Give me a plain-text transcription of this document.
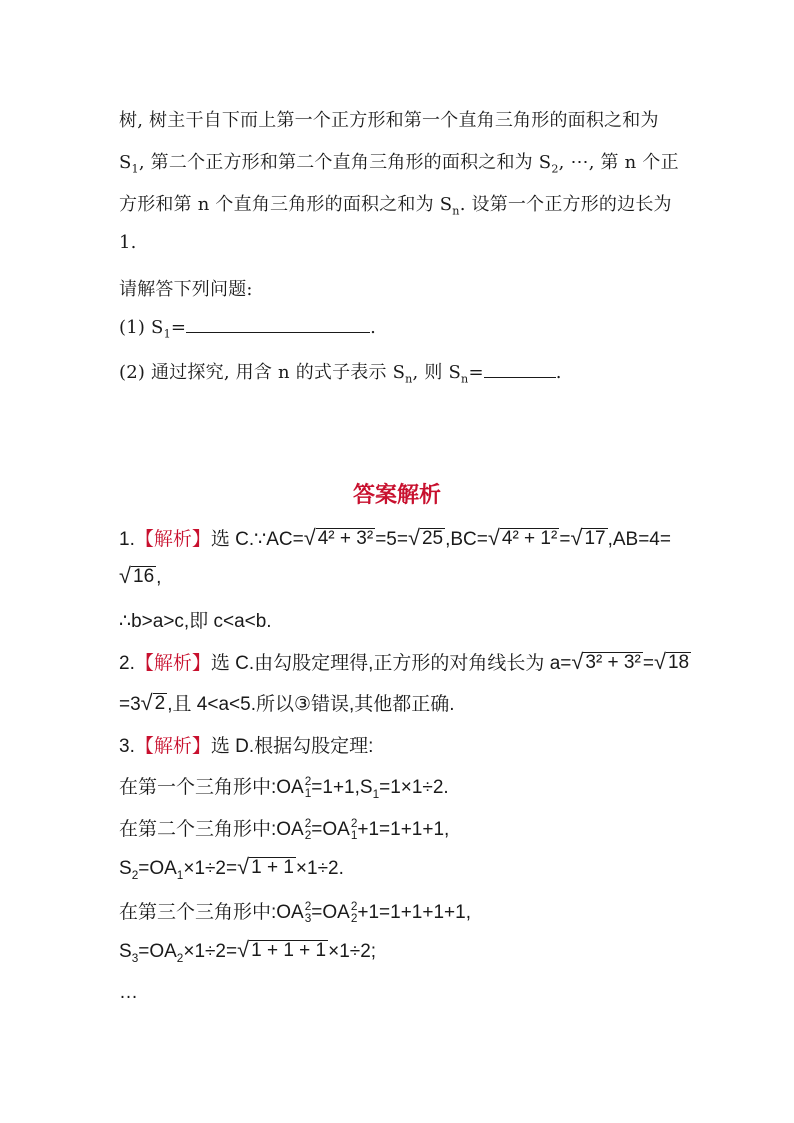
树, 树主干自下而上第一个正方形和第一个直角三角形的面积之和为
$S_1$, 第二个正方形和第二个直角三角形的面积之和为 $S_2$, ⋯, 第 n 个正
方形和第 n 个直角三角形的面积之和为 $S_n$. 设第一个正方形的边长为
1.
请解答下列问题:
(1) $S_1=$	.
(2) 通过探究, 用含 n 的式子表示 $S_n$, 则 $S_n=$	.
答案解析
1.【解析】选 C.∵AC= √ 4² + 3² =5= √ 25 ,BC= √ 4² + 1² = √ 17 ,AB=4=
√ 16 ,
∴b>a>c,即 c<a<b.
2.【解析】选 C.由勾股定理得,正方形的对角线长为 a= √ 3² + 3² = √ 18
=3 √ 2 ,且 4<a<5.所以③错误,其他都正确.
3.【解析】选 D.根据勾股定理:
在第一个三角形中:OA 2
$1 =1+1,S_1=1\times 1\div 2$.
在第二个三角形中:OA 2
2 =OA 2
1 +1=1+1+1,
$S_2=OA_1\times 1\div 2=$ √ 1 + 1 ×1÷2.
在第三个三角形中:OA 2
3 =OA 2
2 +1=1+1+1+1,
$S_3=OA_2\times 1\div 2=$ √ 1 + 1 + 1 ×1÷2;
…
